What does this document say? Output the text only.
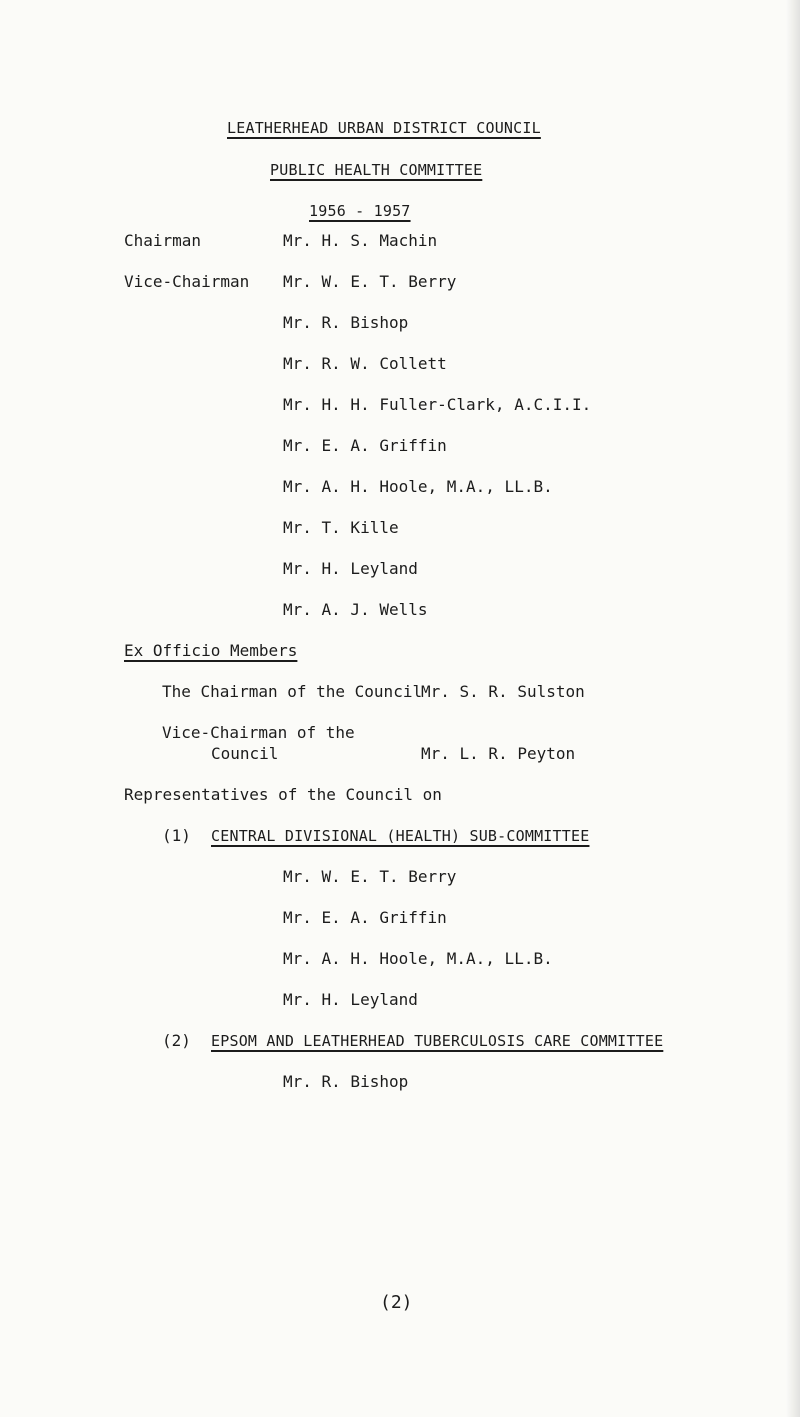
LEATHERHEAD URBAN DISTRICT COUNCIL
PUBLIC HEALTH COMMITTEE
1956 - 1957
Chairman	Mr. H. S. Machin
Vice-Chairman Mr. W. E. T. Berry
Mr. R. Bishop
Mr. R. W. Collett
Mr. H. H. Fuller-Clark, A.C.I.I.
Mr. E. A. Griffin
Mr. A. H. Hoole, M.A., LL.B.
Mr. T. Kille
Mr. H. Leyland
Mr. A. J. Wells
Ex Officio Members
The Chairman of the Council
Mr. S. R. Sulston
Vice-Chairman of the
Council	Mr. L. R. Peyton
Representatives of the Council on
(1) CENTRAL DIVISIONAL (HEALTH) SUB-COMMITTEE
Mr. W. E. T. Berry
Mr. E. A. Griffin
Mr. A. H. Hoole, M.A., LL.B.
Mr. H. Leyland
(2) EPSOM AND LEATHERHEAD TUBERCULOSIS CARE COMMITTEE
Mr. R. Bishop
(2)
